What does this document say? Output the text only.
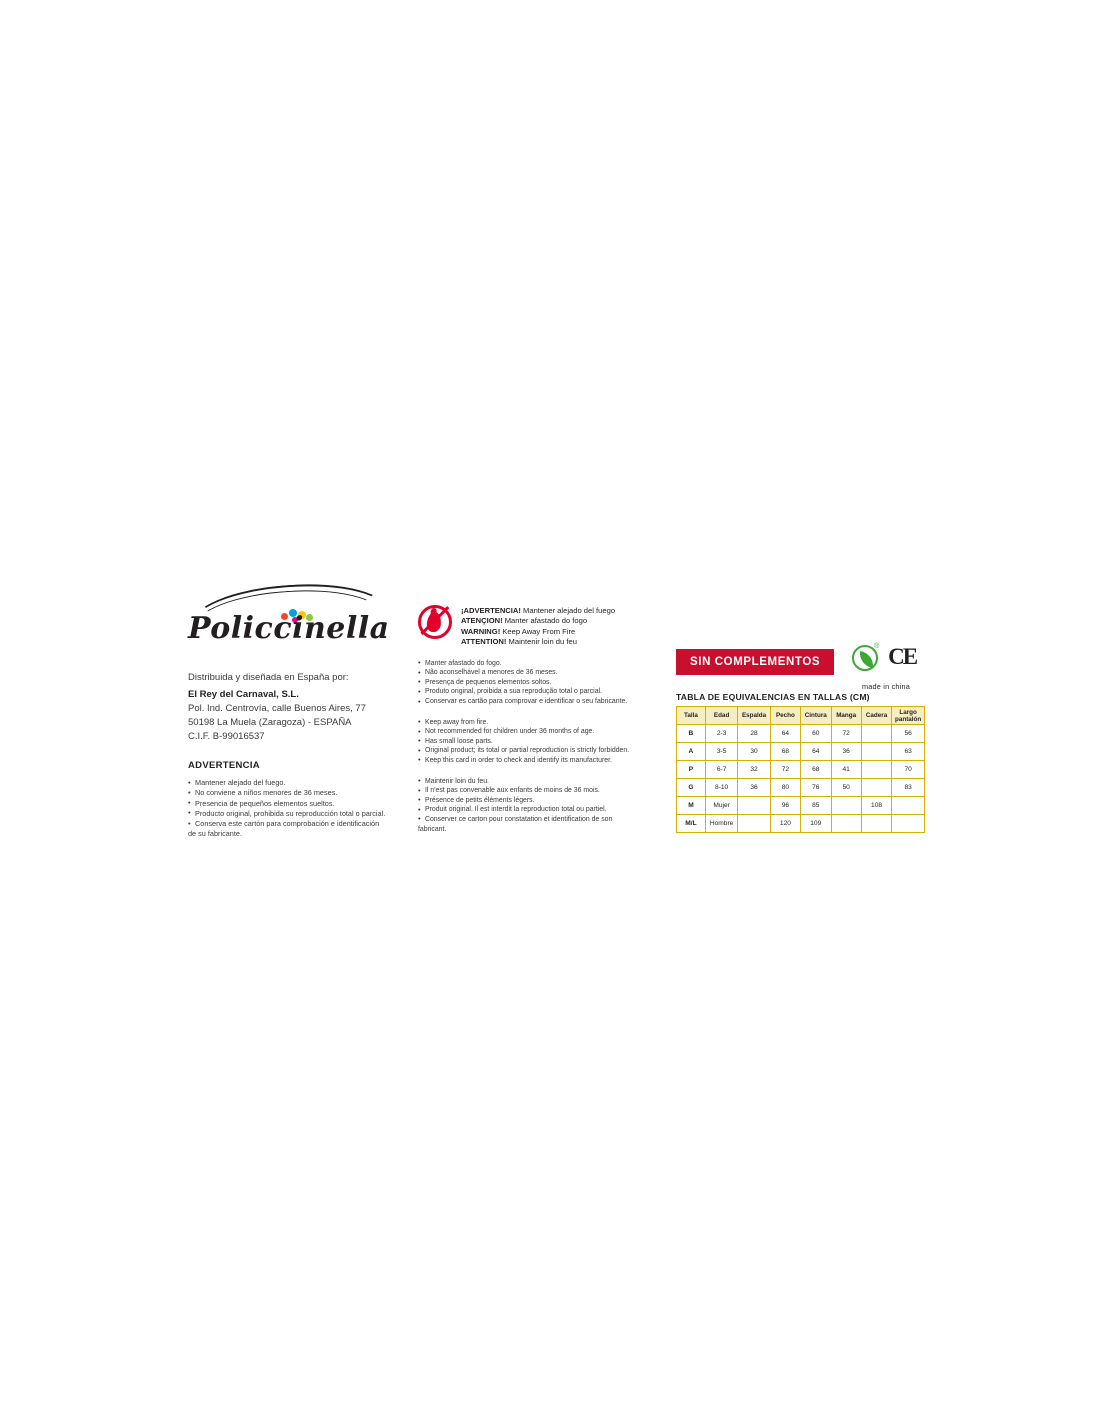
Policcinella
Distribuida y diseñada en España por:
El Rey del Carnaval, S.L.
Pol. Ind. Centrovía, calle Buenos Aires, 77
50198 La Muela (Zaragoza) - ESPAÑA
C.I.F. B-99016537
ADVERTENCIA
• Mantener alejado del fuego.
• No conviene a niños menores de 36 meses.
• Presencia de pequeños elementos sueltos.
• Producto original, prohibida su reproducción total o parcial.
• Conserva este cartón para comprobación e identificación
de su fabricante.
¡ADVERTENCIA! Mantener alejado del fuego
ATENÇION! Manter afastado do fogo
WARNING! Keep Away From Fire
ATTENTION! Maintenir loin du feu
• Manter afastado do fogo.
• Não aconselhável a menores de 36 meses.
• Presença de pequenos elementos soltos.
• Produto original, proibida a sua reprodução total o parcial.
• Conservar es cartão para comprovar e identificar o seu fabricante.
• Keep away from fire.
• Not recommended for children under 36 months of age.
• Has small loose parts.
• Original product; its total or partial reproduction is strictly forbidden.
• Keep this card in order to check and identify its manufacturer.
• Maintenir loin du feu.
• Il n'est pas convenable aux enfants de moins de 36 mois.
• Présence de petits éléments légers.
• Produit original. Il est interdit la reproduction total ou partiel.
• Conserver ce carton pour constatation et identification de son
fabricant.
SIN COMPLEMENTOS
® CE
TABLA DE EQUIVALENCIAS EN TALLAS (CM)
Talla	Edad	Espalda	Pecho	Cintura	Manga	Cadera	Largo pantalón
B	2-3	28	64	60	72		56
A	3-5	30	68	64	36		63
P	6-7	32	72	68	41		70
G	8-10	36	80	76	50		83
M	Mujer		96	85		108	
M/L	Hombre		120	109			
made in china
